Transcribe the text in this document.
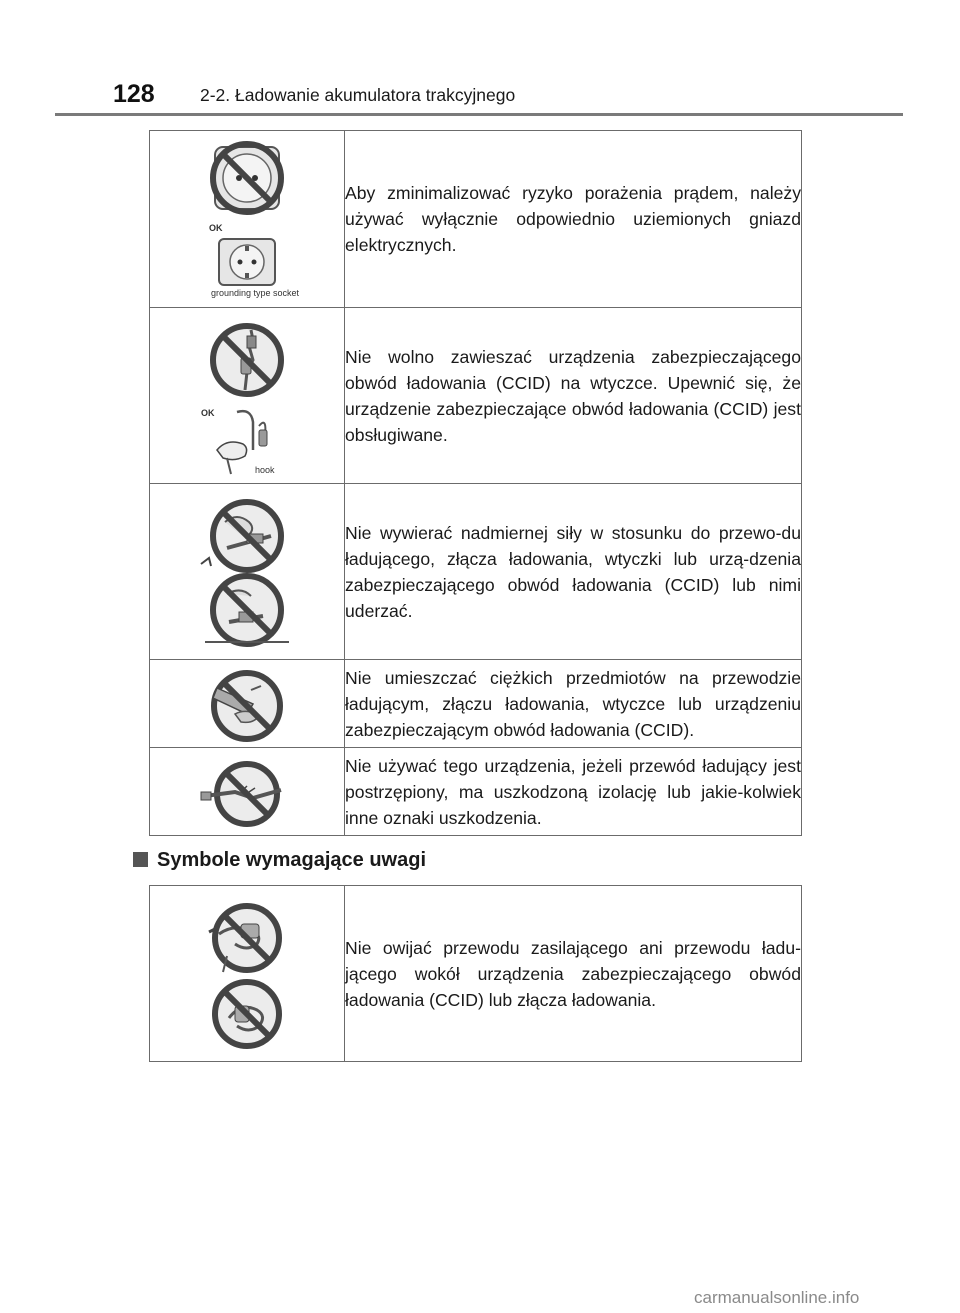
128	2-2. Ładowanie akumulatora trakcyjnego
OK
grounding type socket	Aby zminimalizować ryzyko porażenia prądem, należy używać wyłącznie odpowiednio uziemionych gniazd elektrycznych.

OK
hook	Nie wolno zawieszać urządzenia zabezpieczającego obwód ładowania (CCID) na wtyczce. Upewnić się, że urządzenie zabezpieczające obwód ładowania (CCID) jest obsługiwane.

	Nie wywierać nadmiernej siły w stosunku do przewo-du ładującego, złącza ładowania, wtyczki lub urzą-dzenia zabezpieczającego obwód ładowania (CCID) lub nimi uderzać.

	Nie umieszczać ciężkich przedmiotów na przewodzie ładującym, złączu ładowania, wtyczce lub urządzeniu zabezpieczającym obwód ładowania (CCID).

	Nie używać tego urządzenia, jeżeli przewód ładujący jest postrzępiony, ma uszkodzoną izolację lub jakie-kolwiek inne oznaki uszkodzenia.
Symbole wymagające uwagi
	Nie owijać przewodu zasilającego ani przewodu ładu-jącego wokół urządzenia zabezpieczającego obwód ładowania (CCID) lub złącza ładowania.
carmanualsonline.info
